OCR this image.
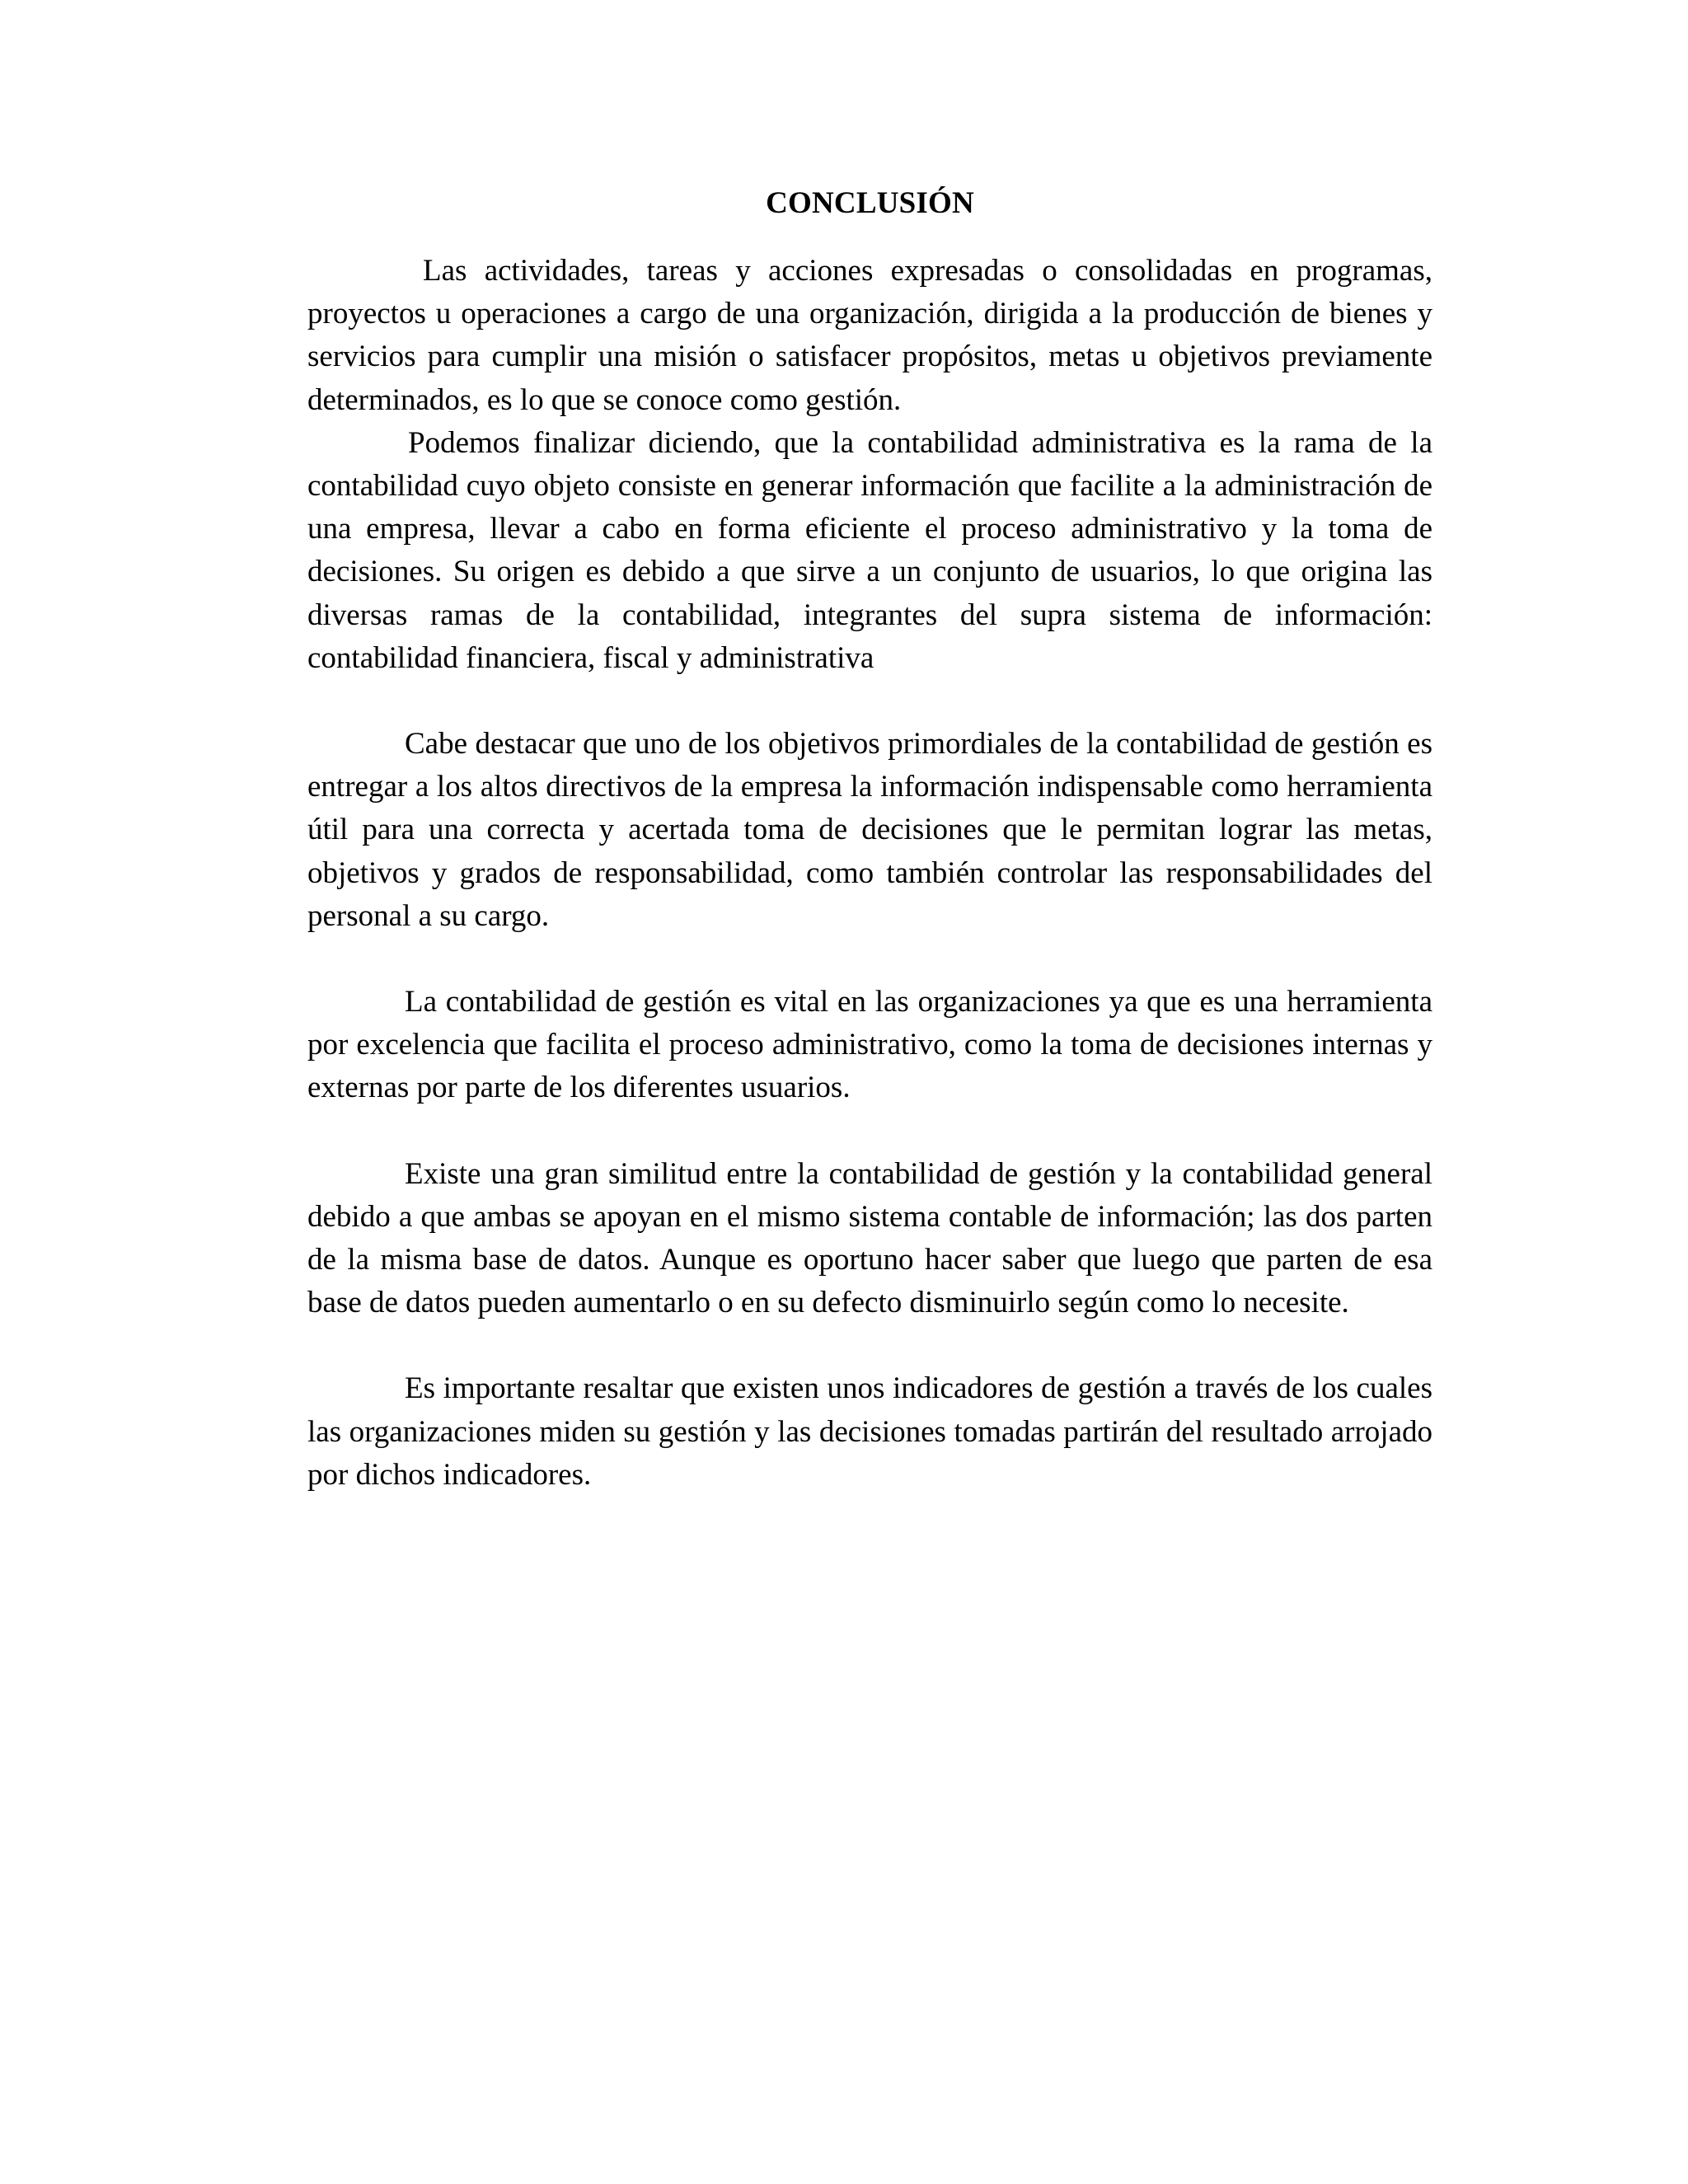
CONCLUSIÓN

Las actividades, tareas y acciones expresadas o consolidadas en programas, proyectos u operaciones a cargo de una organización, dirigida a la producción de bienes y servicios para cumplir una misión o satisfacer propósitos, metas u objetivos previamente determinados, es lo que se conoce como gestión.

Podemos finalizar diciendo, que la contabilidad administrativa es la rama de la contabilidad cuyo objeto consiste en generar información que facilite a la administración de una empresa, llevar a cabo en forma eficiente el proceso administrativo y la toma de decisiones. Su origen es debido a que sirve a un conjunto de usuarios, lo que origina las diversas ramas de la contabilidad, integrantes del supra sistema de información: contabilidad financiera, fiscal y administrativa

Cabe destacar que uno de los objetivos primordiales de la contabilidad de gestión es entregar a los altos directivos de la empresa la información indispensable como herramienta útil para una correcta y acertada toma de decisiones que le permitan lograr las metas, objetivos y grados de responsabilidad, como también controlar las responsabilidades del personal a su cargo.

La contabilidad de gestión es vital en las organizaciones ya que es una herramienta por excelencia que facilita el proceso administrativo, como la toma de decisiones internas y externas por parte de los diferentes usuarios.

Existe una gran similitud entre la contabilidad de gestión y la contabilidad general debido a que ambas se apoyan en el mismo sistema contable de información; las dos parten de la misma base de datos. Aunque es oportuno hacer saber que luego que parten de esa base de datos pueden aumentarlo o en su defecto disminuirlo según como lo necesite.

Es importante resaltar que existen unos indicadores de gestión a través de los cuales las organizaciones miden su gestión y las decisiones tomadas partirán del resultado arrojado por dichos indicadores.
